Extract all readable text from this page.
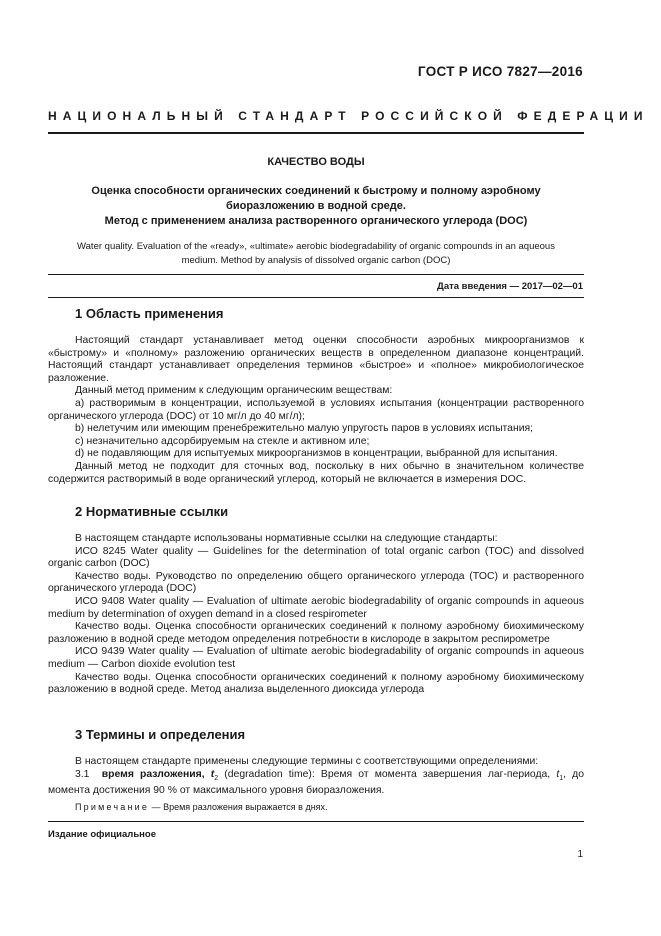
ГОСТ Р ИСО 7827—2016
НАЦИОНАЛЬНЫЙ СТАНДАРТ РОССИЙСКОЙ ФЕДЕРАЦИИ
КАЧЕСТВО ВОДЫ
Оценка способности органических соединений к быстрому и полному аэробному
биоразложению в водной среде.
Метод с применением анализа растворенного органического углерода (DOC)
Water quality. Evaluation of the «ready», «ultimate» aerobic biodegradability of organic compounds in an aqueous
medium. Method by analysis of dissolved organic carbon (DOC)
Дата введения — 2017—02—01
1 Область применения

Настоящий стандарт устанавливает метод оценки способности аэробных микроорганизмов к «быстрому» и «полному» разложению органических веществ в определенном диапазоне концентраций. Настоящий стандарт устанавливает определения терминов «быстрое» и «полное» микробиологическое разложение.

Данный метод применим к следующим органическим веществам:

a) растворимым в концентрации, используемой в условиях испытания (концентрации растворенного органического углерода (DOC) от 10 мг/л до 40 мг/л);

b) нелетучим или имеющим пренебрежительно малую упругость паров в условиях испытания;

c) незначительно адсорбируемым на стекле и активном иле;

d) не подавляющим для испытуемых микроорганизмов в концентрации, выбранной для испытания.

Данный метод не подходит для сточных вод, поскольку в них обычно в значительном количестве содержится растворимый в воде органический углерод, который не включается в измерения DOC.

2 Нормативные ссылки

В настоящем стандарте использованы нормативные ссылки на следующие стандарты:

ИСО 8245 Water quality — Guidelines for the determination of total organic carbon (TOC) and dissolved organic carbon (DOC)

Качество воды. Руководство по определению общего органического углерода (TOC) и растворенного органического углерода (DOC)

ИСО 9408 Water quality — Evaluation of ultimate aerobic biodegradability of organic compounds in aqueous medium by determination of oxygen demand in a closed respirometer

Качество воды. Оценка способности органических соединений к полному аэробному биохимическому разложению в водной среде методом определения потребности в кислороде в закрытом респирометре

ИСО 9439 Water quality — Evaluation of ultimate aerobic biodegradability of organic compounds in aqueous medium — Carbon dioxide evolution test

Качество воды. Оценка способности органических соединений к полному аэробному биохимическому разложению в водной среде. Метод анализа выделенного диоксида углерода

3 Термины и определения

В настоящем стандарте применены следующие термины с соответствующими определениями:

3.1 время разложения, $t_2$ (degradation time): Время от момента завершения лаг-периода, $t_1$, до момента достижения 90 % от максимального уровня биоразложения.

Примечание — Время разложения выражается в днях.
Издание официальное
1
